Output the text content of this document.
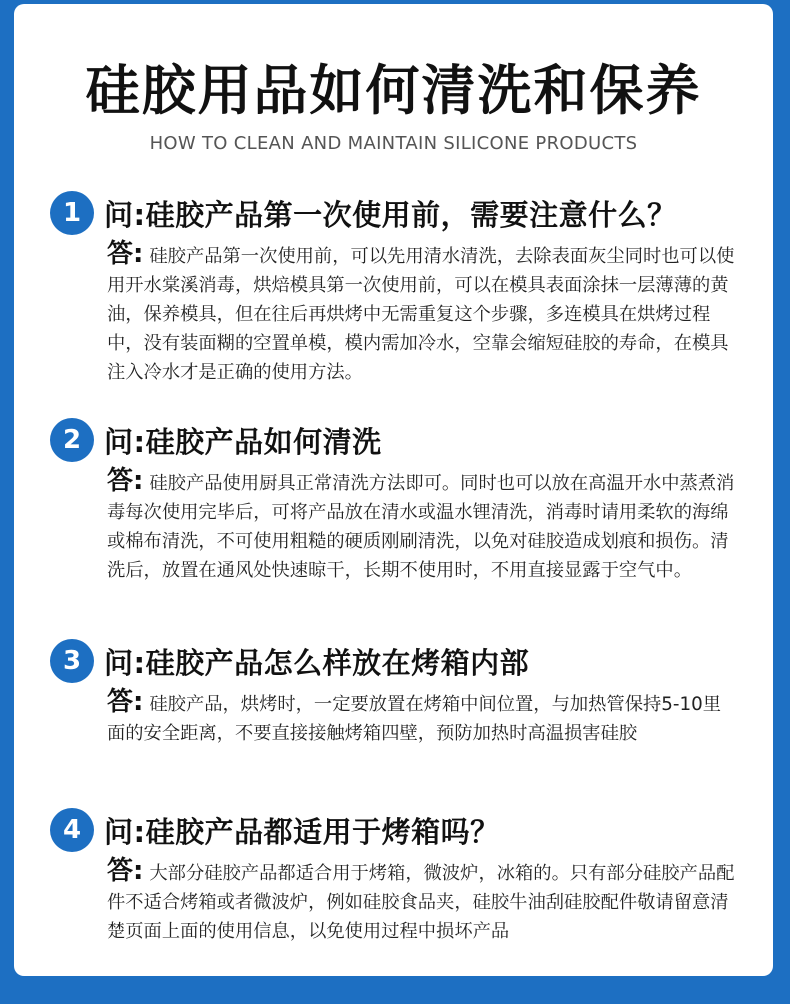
硅胶用品如何清洗和保养

HOW TO CLEAN AND MAINTAIN SILICONE PRODUCTS

1 问:硅胶产品第一次使用前，需要注意什么？
答: 硅胶产品第一次使用前，可以先用清水清洗，去除表面灰尘同时也可以使用开水棠溪消毒，烘焙模具第一次使用前，可以在模具表面涂抹一层薄薄的黄油，保养模具，但在往后再烘烤中无需重复这个步骤，多连模具在烘烤过程中，没有装面糊的空置单模，模内需加冷水，空靠会缩短硅胶的寿命，在模具注入冷水才是正确的使用方法。
2 问:硅胶产品如何清洗
答: 硅胶产品使用厨具正常清洗方法即可。同时也可以放在高温开水中蒸煮消毒每次使用完毕后，可将产品放在清水或温水锂清洗，消毒时请用柔软的海绵或棉布清洗，不可使用粗糙的硬质刚刷清洗，以免对硅胶造成划痕和损伤。清洗后，放置在通风处快速晾干，长期不使用时，不用直接显露于空气中。
3 问:硅胶产品怎么样放在烤箱内部
答: 硅胶产品，烘烤时，一定要放置在烤箱中间位置，与加热管保持5-10里面的安全距离，不要直接接触烤箱四壁，预防加热时高温损害硅胶
4 问:硅胶产品都适用于烤箱吗？
答: 大部分硅胶产品都适合用于烤箱，微波炉，冰箱的。只有部分硅胶产品配件不适合烤箱或者微波炉，例如硅胶食品夹，硅胶牛油刮硅胶配件敬请留意清楚页面上面的使用信息，以免使用过程中损坏产品
